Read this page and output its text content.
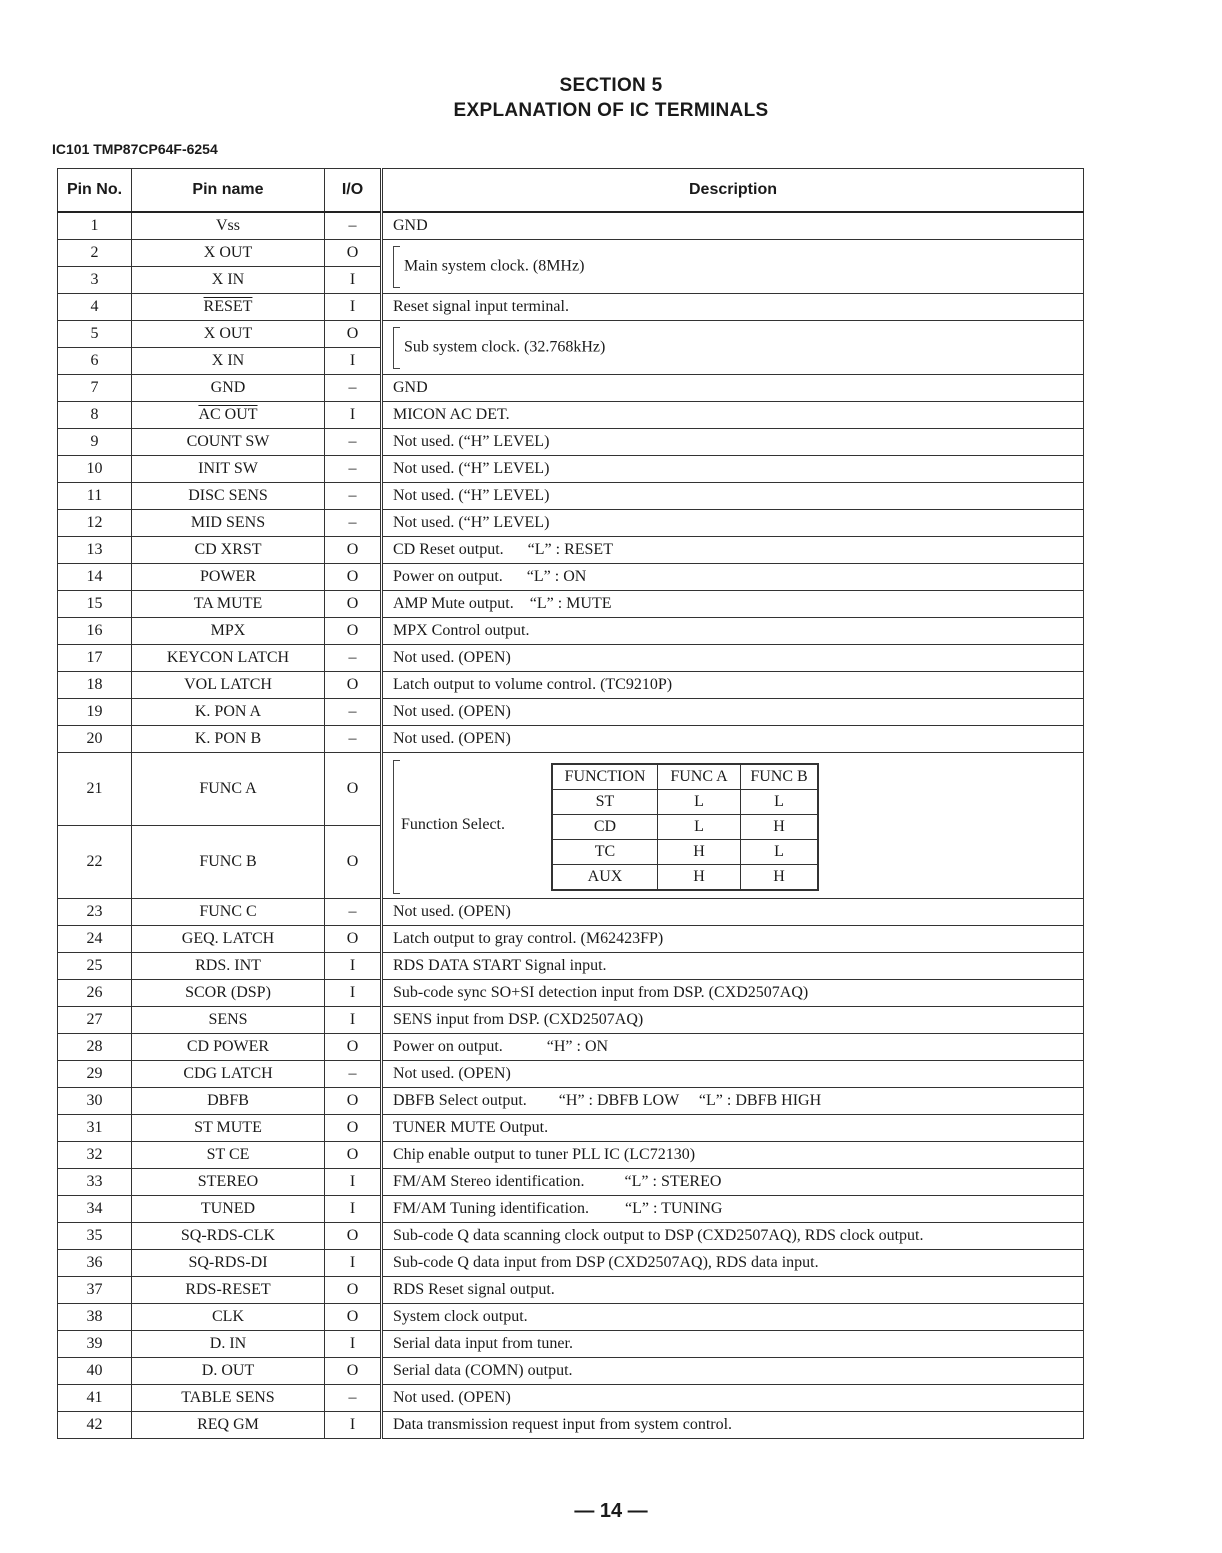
SECTION 5
EXPLANATION OF IC TERMINALS
IC101 TMP87CP64F-6254
Pin No.	Pin name	I/O	Description
1	Vss	–	GND
2	X OUT	O	Main system clock. (8MHz)
3	X IN	I
4	RESET	I	Reset signal input terminal.
5	X OUT	O	Sub system clock. (32.768kHz)
6	X IN	I
7	GND	–	GND
8	AC OUT	I	MICON AC DET.
9	COUNT SW	–	Not used. (“H” LEVEL)
10	INIT SW	–	Not used. (“H” LEVEL)
11	DISC SENS	–	Not used. (“H” LEVEL)
12	MID SENS	–	Not used. (“H” LEVEL)
13	CD XRST	O	CD Reset output.      “L” : RESET
14	POWER	O	Power on output.      “L” : ON
15	TA MUTE	O	AMP Mute output.    “L” : MUTE
16	MPX	O	MPX Control output.
17	KEYCON LATCH	–	Not used. (OPEN)
18	VOL LATCH	O	Latch output to volume control. (TC9210P)
19	K. PON A	–	Not used. (OPEN)
20	K. PON B	–	Not used. (OPEN)
21	FUNC A	O	
Function Select.
FUNCTION	FUNC A	FUNC B
ST	L	L
CD	L	H
TC	H	L
AUX	H	H

22	FUNC B	O
23	FUNC C	–	Not used. (OPEN)
24	GEQ. LATCH	O	Latch output to gray control. (M62423FP)
25	RDS. INT	I	RDS DATA START Signal input.
26	SCOR (DSP)	I	Sub-code sync SO+SI detection input from DSP. (CXD2507AQ)
27	SENS	I	SENS input from DSP. (CXD2507AQ)
28	CD POWER	O	Power on output.           “H” : ON
29	CDG LATCH	–	Not used. (OPEN)
30	DBFB	O	DBFB Select output.        “H” : DBFB LOW     “L” : DBFB HIGH
31	ST MUTE	O	TUNER MUTE Output.
32	ST CE	O	Chip enable output to tuner PLL IC (LC72130)
33	STEREO	I	FM/AM Stereo identification.          “L” : STEREO
34	TUNED	I	FM/AM Tuning identification.         “L” : TUNING
35	SQ-RDS-CLK	O	Sub-code Q data scanning clock output to DSP (CXD2507AQ), RDS clock output.
36	SQ-RDS-DI	I	Sub-code Q data input from DSP (CXD2507AQ), RDS data input.
37	RDS-RESET	O	RDS Reset signal output.
38	CLK	O	System clock output.
39	D. IN	I	Serial data input from tuner.
40	D. OUT	O	Serial data (COMN) output.
41	TABLE SENS	–	Not used. (OPEN)
42	REQ GM	I	Data transmission request input from system control.
— 14 —
